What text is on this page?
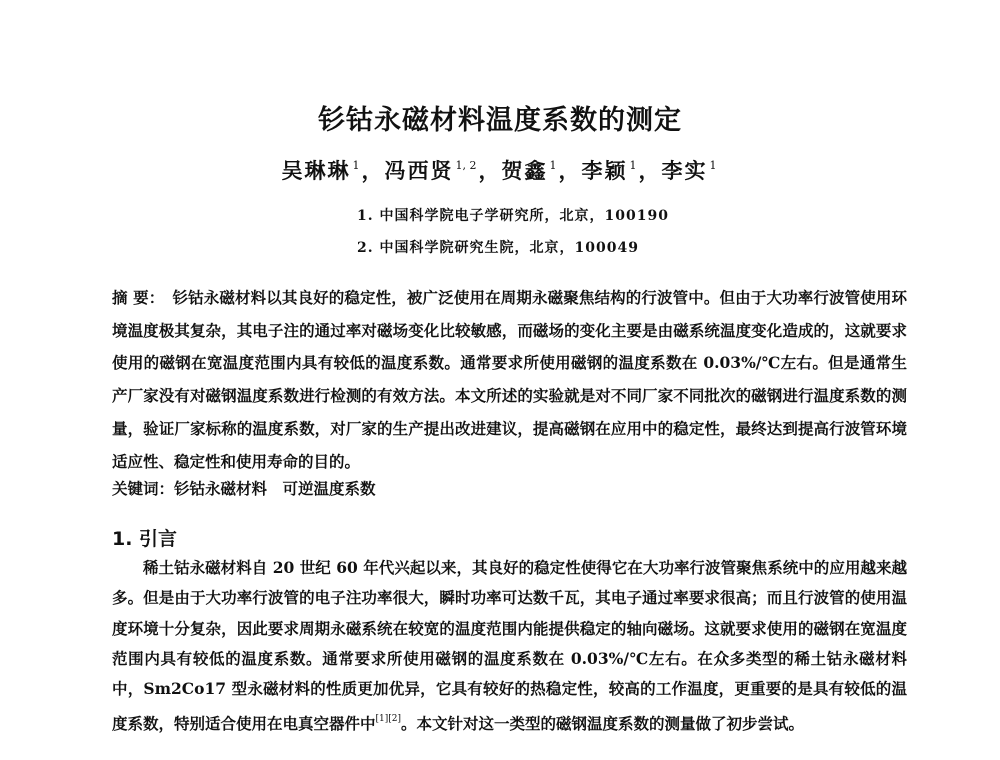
钐钴永磁材料温度系数的测定
吴琳琳 $^1$，冯西贤 $^{1, 2}$，贺鑫 $^1$，李颖 $^1$，李实 $^1$
1. 中国科学院电子学研究所，北京，100190
2. 中国科学院研究生院，北京，100049
摘 要： 钐钴永磁材料以其良好的稳定性，被广泛使用在周期永磁聚焦结构的行波管中。但由于大功率行波管使用环境温度极其复杂，其电子注的通过率对磁场变化比较敏感，而磁场的变化主要是由磁系统温度变化造成的，这就要求使用的磁钢在宽温度范围内具有较低的温度系数。通常要求所使用磁钢的温度系数在 0.03%/℃左右。但是通常生产厂家没有对磁钢温度系数进行检测的有效方法。本文所述的实验就是对不同厂家不同批次的磁钢进行温度系数的测量，验证厂家标称的温度系数，对厂家的生产提出改进建议，提高磁钢在应用中的稳定性，最终达到提高行波管环境适应性、稳定性和使用寿命的目的。
关键词：钐钴永磁材料　可逆温度系数
1. 引言
稀土钴永磁材料自 20 世纪 60 年代兴起以来，其良好的稳定性使得它在大功率行波管聚焦系统中的应用越来越多。但是由于大功率行波管的电子注功率很大，瞬时功率可达数千瓦，其电子通过率要求很高；而且行波管的使用温度环境十分复杂，因此要求周期永磁系统在较宽的温度范围内能提供稳定的轴向磁场。这就要求使用的磁钢在宽温度范围内具有较低的温度系数。通常要求所使用磁钢的温度系数在 0.03%/℃左右。在众多类型的稀土钴永磁材料中，Sm2Co17 型永磁材料的性质更加优异，它具有较好的热稳定性，较高的工作温度，更重要的是具有较低的温度系数，特别适合使用在电真空器件中[1][2]。本文针对这一类型的磁钢温度系数的测量做了初步尝试。
